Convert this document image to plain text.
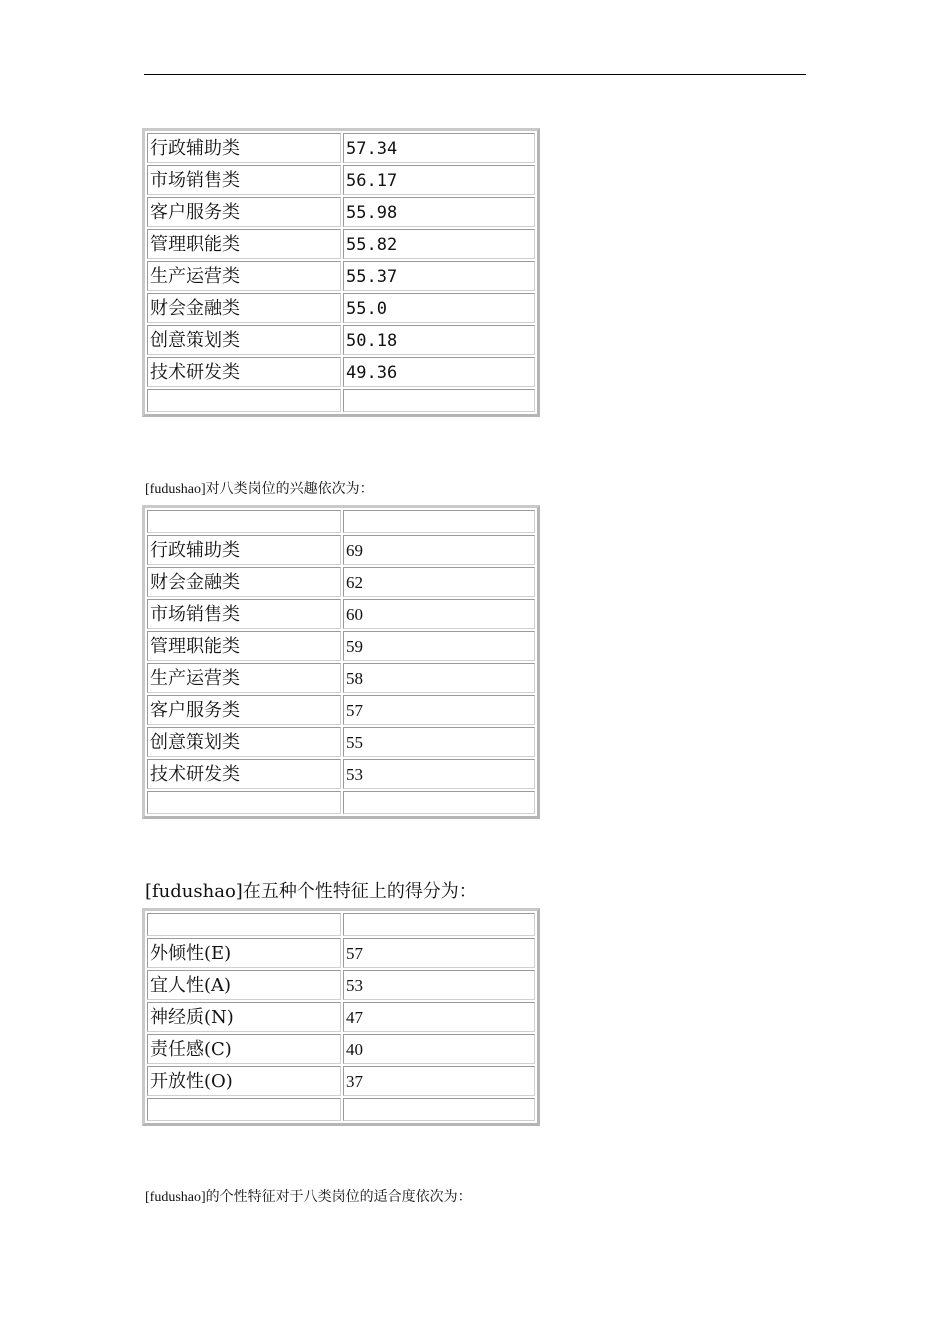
行政辅助类	57.34
市场销售类	56.17
客户服务类	55.98
管理职能类	55.82
生产运营类	55.37
财会金融类	55.0
创意策划类	50.18
技术研发类	49.36
[fudushao]对八类岗位的兴趣依次为：
行政辅助类	69
财会金融类	62
市场销售类	60
管理职能类	59
生产运营类	58
客户服务类	57
创意策划类	55
技术研发类	53
[fudushao]在五种个性特征上的得分为：
外倾性(E)	57
宜人性(A)	53
神经质(N)	47
责任感(C)	40
开放性(O)	37
[fudushao]的个性特征对于八类岗位的适合度依次为：
